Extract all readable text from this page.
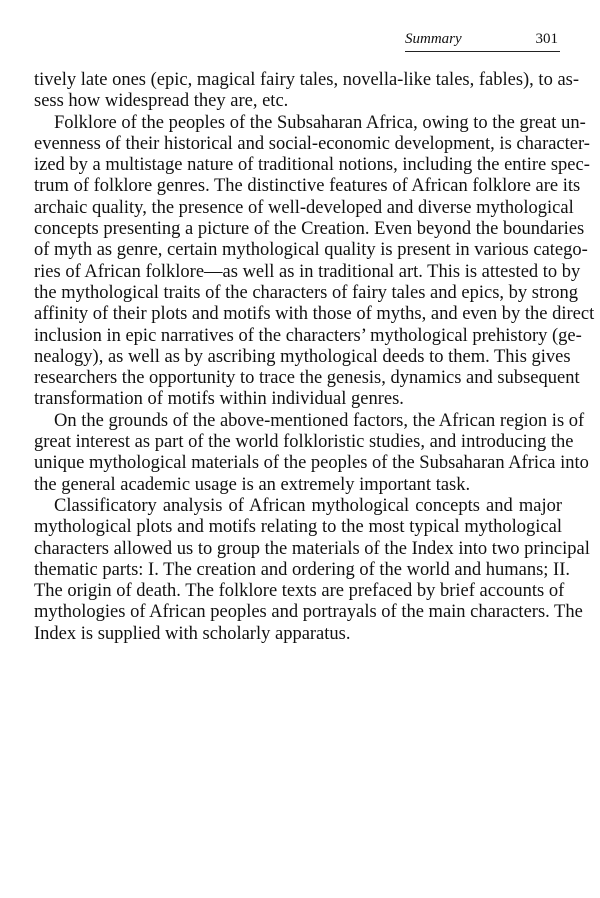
Summary	301
tively late ones (epic, magical fairy tales, novella-like tales, fables), to as-
sess how widespread they are, etc.
Folklore of the peoples of the Subsaharan Africa, owing to the great un-
evenness of their historical and social-economic development, is character-
ized by a multistage nature of traditional notions, including the entire spec-
trum of folklore genres. The distinctive features of African folklore are its
archaic quality, the presence of well-developed and diverse mythological
concepts presenting a picture of the Creation. Even beyond the boundaries
of myth as genre, certain mythological quality is present in various catego-
ries of African folklore—as well as in traditional art. This is attested to by
the mythological traits of the characters of fairy tales and epics, by strong
affinity of their plots and motifs with those of myths, and even by the direct
inclusion in epic narratives of the characters’ mythological prehistory (ge-
nealogy), as well as by ascribing mythological deeds to them. This gives
researchers the opportunity to trace the genesis, dynamics and subsequent
transformation of motifs within individual genres.
On the grounds of the above-mentioned factors, the African region is of
great interest as part of the world folkloristic studies, and introducing the
unique mythological materials of the peoples of the Subsaharan Africa into
the general academic usage is an extremely important task.
Classificatory analysis of African mythological concepts and major
mythological plots and motifs relating to the most typical mythological
characters allowed us to group the materials of the Index into two principal
thematic parts: I. The creation and ordering of the world and humans; II.
The origin of death. The folklore texts are prefaced by brief accounts of
mythologies of African peoples and portrayals of the main characters. The
Index is supplied with scholarly apparatus.
